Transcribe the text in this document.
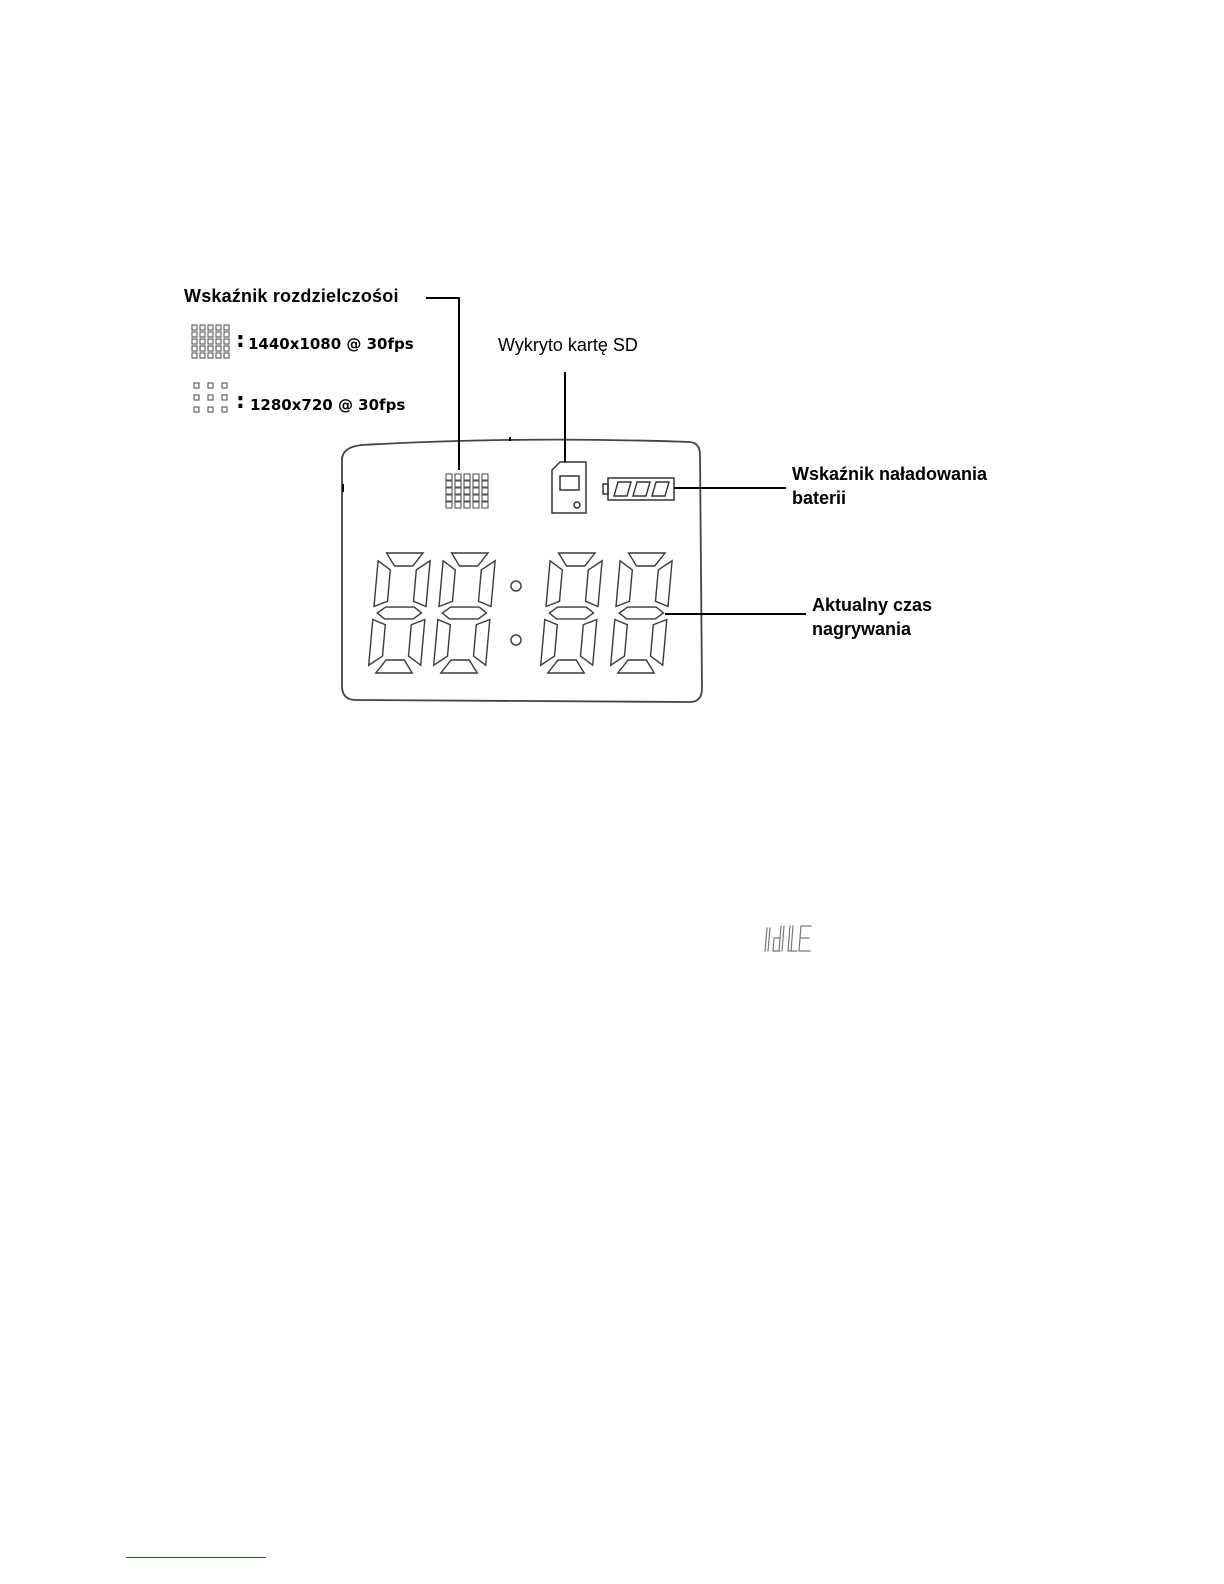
Wskaźnik rozdzielczośoi
: 1440x1080 @ 30fps
: 1280x720 @ 30fps
Wykryto kartę SD
Wskaźnik naładowania
baterii
Aktualny czas
nagrywania
